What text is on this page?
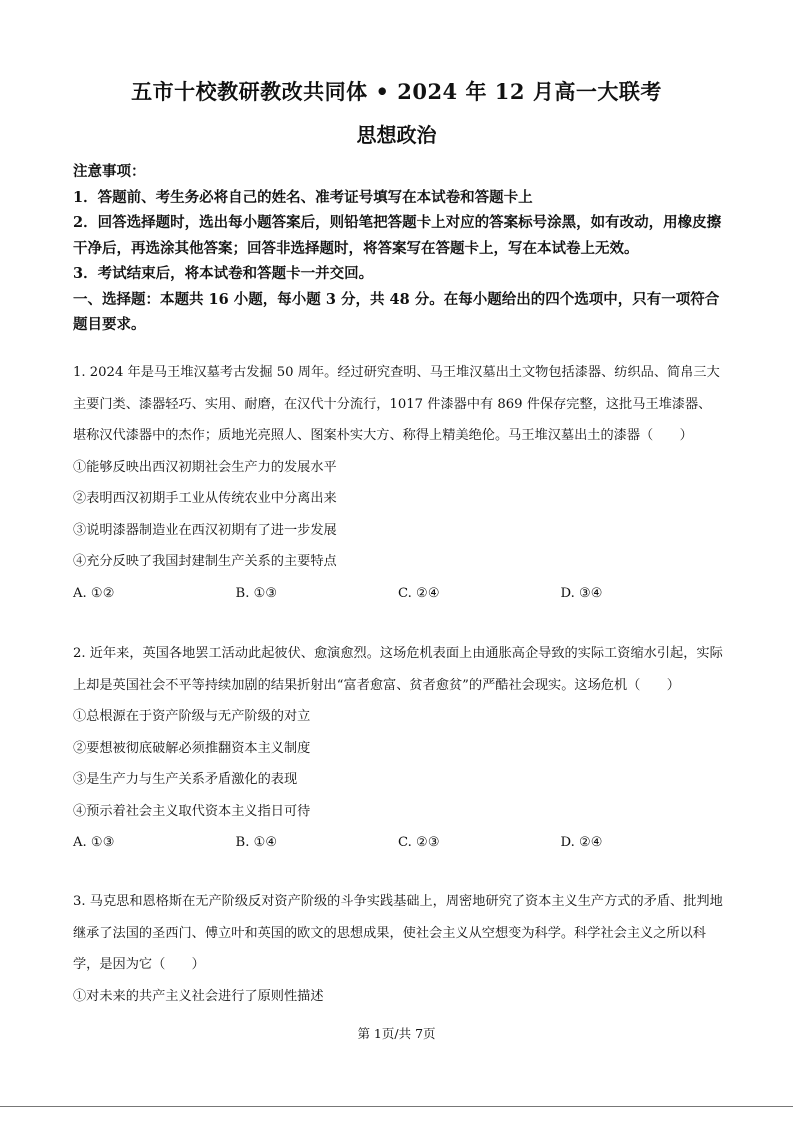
五市十校教研教改共同体 • 2024 年 12 月高一大联考
思想政治
注意事项：
1．答题前、考生务必将自己的姓名、准考证号填写在本试卷和答题卡上
2．回答选择题时，选出每小题答案后，则铅笔把答题卡上对应的答案标号涂黑，如有改动，用橡皮擦干净后，再选涂其他答案；回答非选择题时，将答案写在答题卡上，写在本试卷上无效。
3．考试结束后，将本试卷和答题卡一并交回。
一、选择题：本题共 16 小题，每小题 3 分，共 48 分。在每小题给出的四个选项中，只有一项符合题目要求。

1. 2024 年是马王堆汉墓考古发掘 50 周年。经过研究查明、马王堆汉墓出土文物包括漆器、纺织品、简帛三大主要门类、漆器轻巧、实用、耐磨，在汉代十分流行，1017 件漆器中有 869 件保存完整，这批马王堆漆器、堪称汉代漆器中的杰作；质地光亮照人、图案朴实大方、称得上精美绝伦。马王堆汉墓出土的漆器（　　）

①能够反映出西汉初期社会生产力的发展水平

②表明西汉初期手工业从传统农业中分离出来

③说明漆器制造业在西汉初期有了进一步发展

④充分反映了我国封建制生产关系的主要特点

A. ①②	B. ①③	C. ②④	D. ③④

2. 近年来，英国各地罢工活动此起彼伏、愈演愈烈。这场危机表面上由通胀高企导致的实际工资缩水引起，实际上却是英国社会不平等持续加剧的结果折射出“富者愈富、贫者愈贫”的严酷社会现实。这场危机（　　）

①总根源在于资产阶级与无产阶级的对立

②要想被彻底破解必须推翻资本主义制度

③是生产力与生产关系矛盾激化的表现

④预示着社会主义取代资本主义指日可待

A. ①③	B. ①④	C. ②③	D. ②④

3. 马克思和恩格斯在无产阶级反对资产阶级的斗争实践基础上，周密地研究了资本主义生产方式的矛盾、批判地继承了法国的圣西门、傅立叶和英国的欧文的思想成果，使社会主义从空想变为科学。科学社会主义之所以科学，是因为它（　　）

①对未来的共产主义社会进行了原则性描述

第 1页/共 7页
